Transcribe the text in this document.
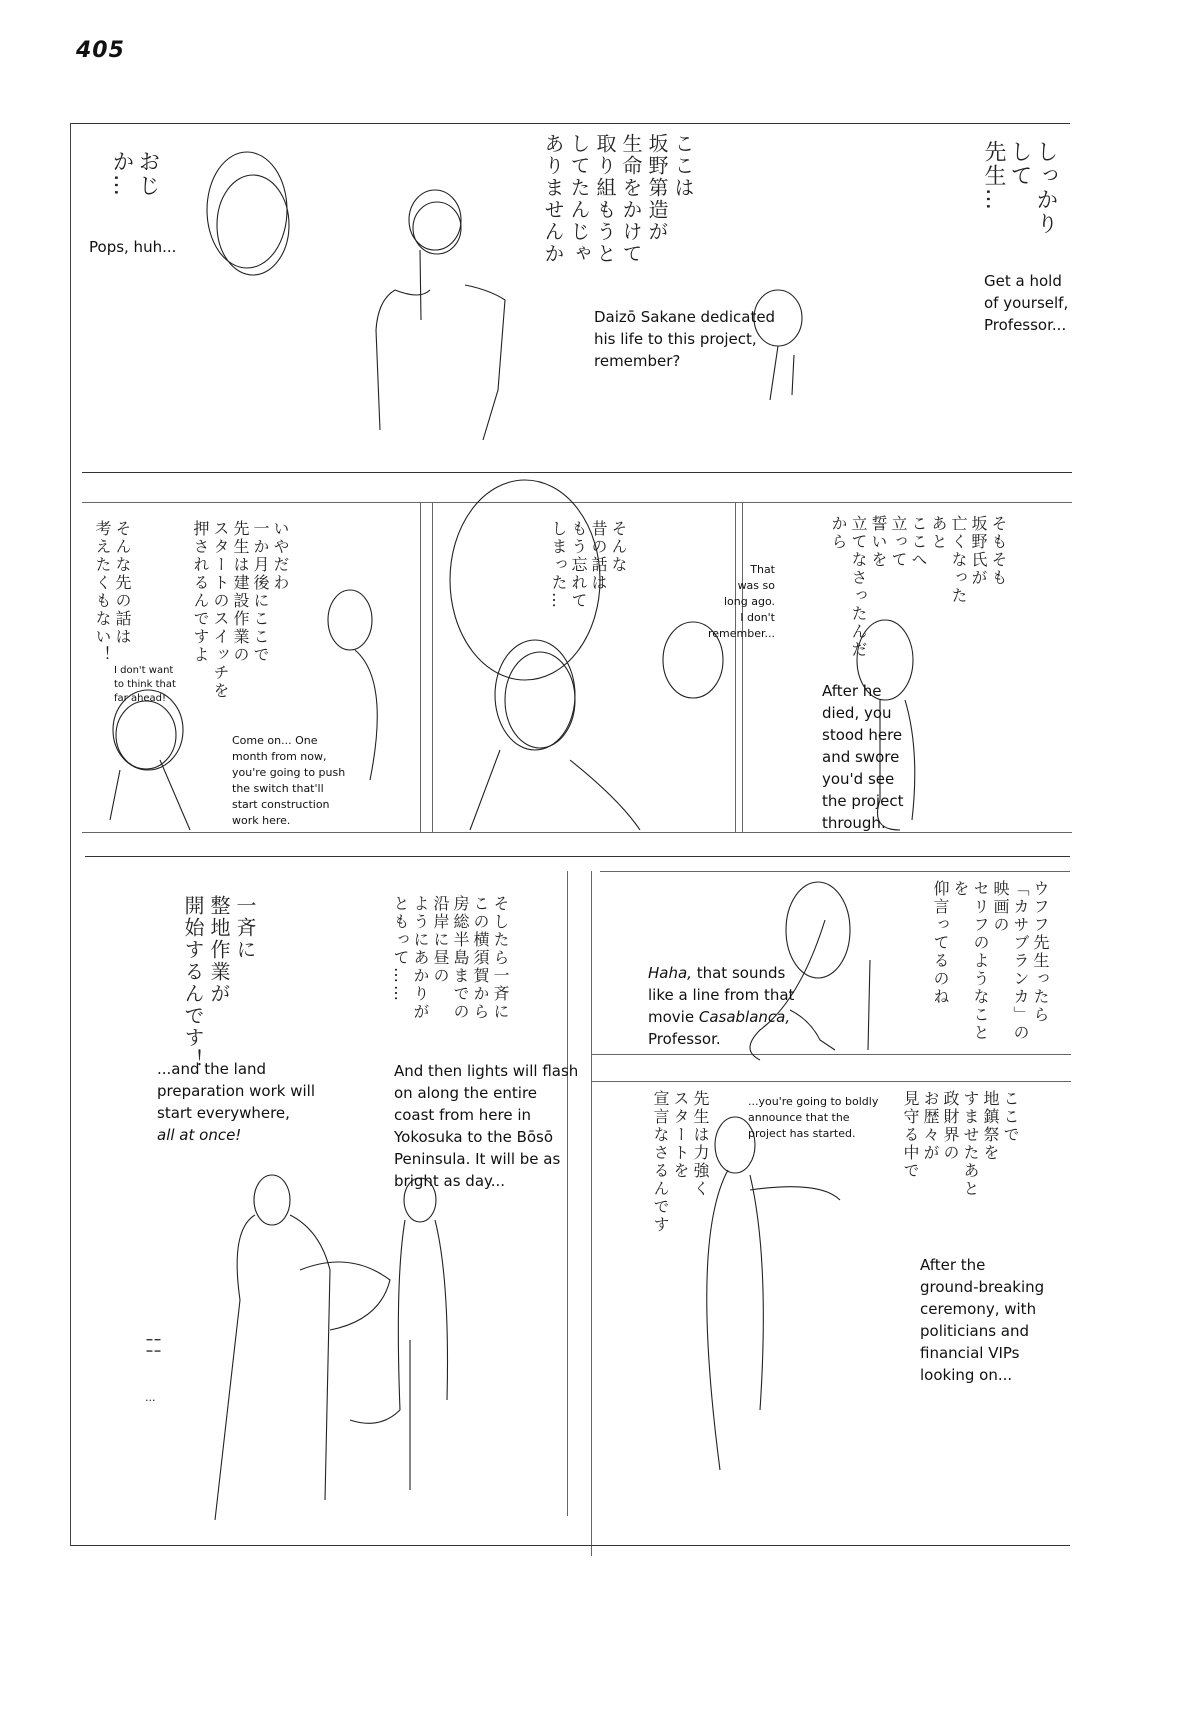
405
おじ
か…
Pops, huh...
ここは
坂野第造が
生命をかけて
取り組もうと
してたんじゃ
ありませんか
Daizō Sakane dedicated
his life to this project,
remember?
しっかり
して
先生…
Get a hold
of yourself,
Professor...
そんな先の話は
考えたくもない！
I don't want
to think that
far ahead!
いやだわ
一か月後にここで
先生は建設作業の
スタートのスイッチを
押されるんですよ
Come on... One
month from now,
you're going to push
the switch that'll
start construction
work here.
そんな
昔の話は
もう忘れて
しまった…	That
was so
long ago.
I don't
remember...
そもそも
坂野氏が
亡くなった
あと
ここへ
立って
誓いを
立てなさったんだから
After he
died, you
stood here
and swore
you'd see
the project
through.
一斉に
整地作業が
開始するんです！
...and the land
preparation work will
start everywhere,
all at once!
そしたら一斉に
この横須賀から
房総半島までの
沿岸に昼の
ようにあかりが
ともって……
And then lights will flash
on along the entire
coast from here in
Yokosuka to the Bōsō
Peninsula. It will be as
bright as day...
¦¦
...
ウフフ先生ったら
「カサブランカ」の映画の
セリフのようなことを
仰言ってるのね
Haha, that sounds
like a line from that
movie Casablanca,
Professor.
ここで
地鎮祭を
すませたあと
政財界の
お歴々が
見守る中で
After the
ground-breaking
ceremony, with
politicians and
financial VIPs
looking on...
先生は力強く
スタートを
宣言なさるんです	...you're going to boldly
announce that the
project has started.
